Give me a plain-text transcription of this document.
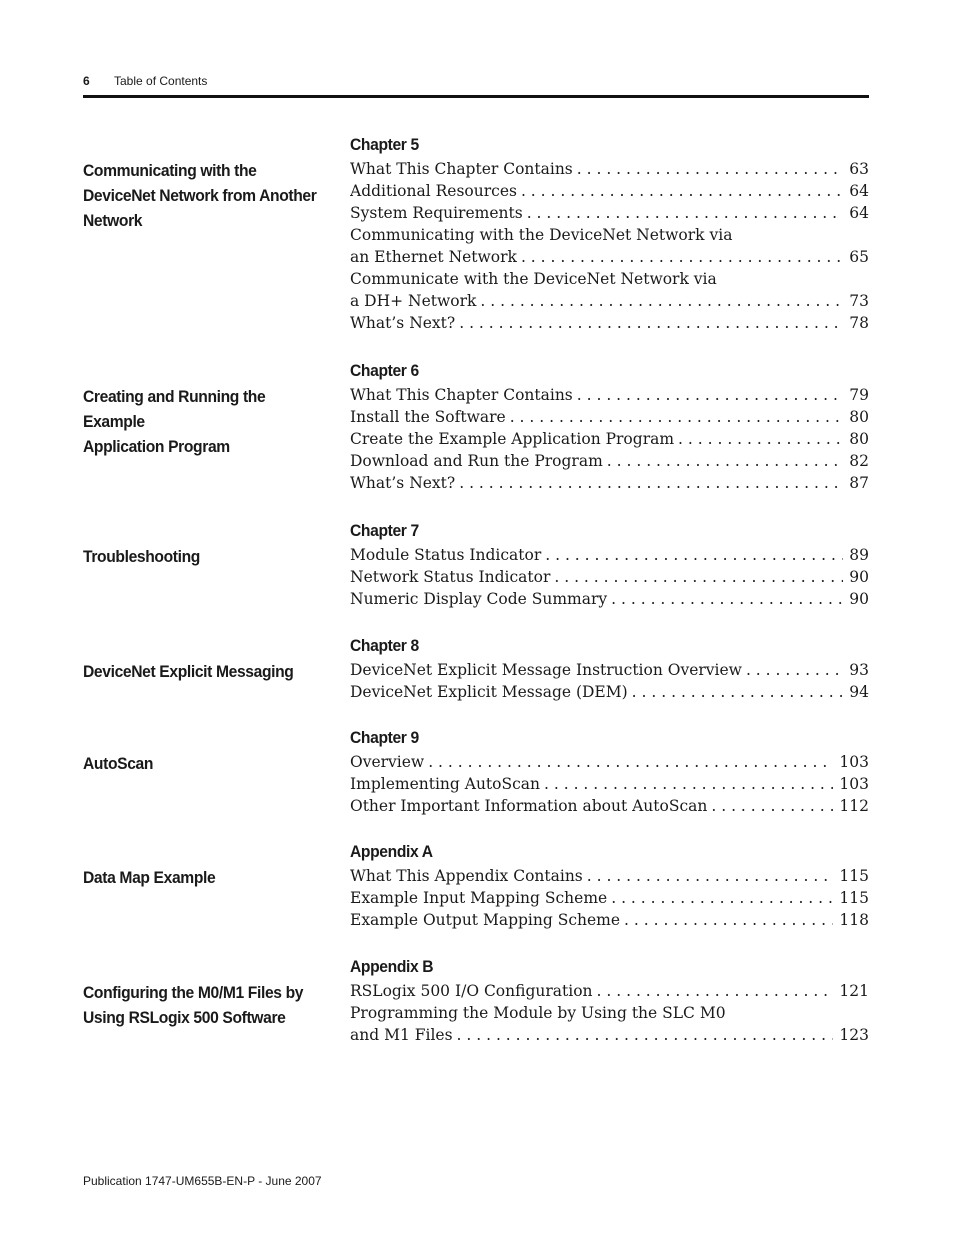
6 Table of Contents
Communicating with the
DeviceNet Network from Another
Network
Chapter 5
What This Chapter Contains . . .	63
Additional Resources . . .	64
System Requirements . . .	64
Communicating with the DeviceNet Network via
an Ethernet Network . . .	65
Communicate with the DeviceNet Network via
a DH+ Network . . .	73
What’s Next? . . .	78
Creating and Running the Example
Application Program
Chapter 6
What This Chapter Contains . . .	79
Install the Software . . .	80
Create the Example Application Program . . .	80
Download and Run the Program . . .	82
What’s Next? . . .	87
Troubleshooting
Chapter 7
Module Status Indicator . . .	89
Network Status Indicator . . .	90
Numeric Display Code Summary . . .	90
DeviceNet Explicit Messaging
Chapter 8
DeviceNet Explicit Message Instruction Overview . . .	93
DeviceNet Explicit Message (DEM) . . .	94
AutoScan
Chapter 9
Overview . . .	103
Implementing AutoScan . . .	103
Other Important Information about AutoScan . . .	112
Data Map Example
Appendix A
What This Appendix Contains . . .	115
Example Input Mapping Scheme . . .	115
Example Output Mapping Scheme . . .	118
Configuring the M0/M1 Files by
Using RSLogix 500 Software
Appendix B
RSLogix 500 I/O Configuration . . .	121
Programming the Module by Using the SLC M0
and M1 Files . . .	123
Publication 1747-UM655B-EN-P - June 2007
